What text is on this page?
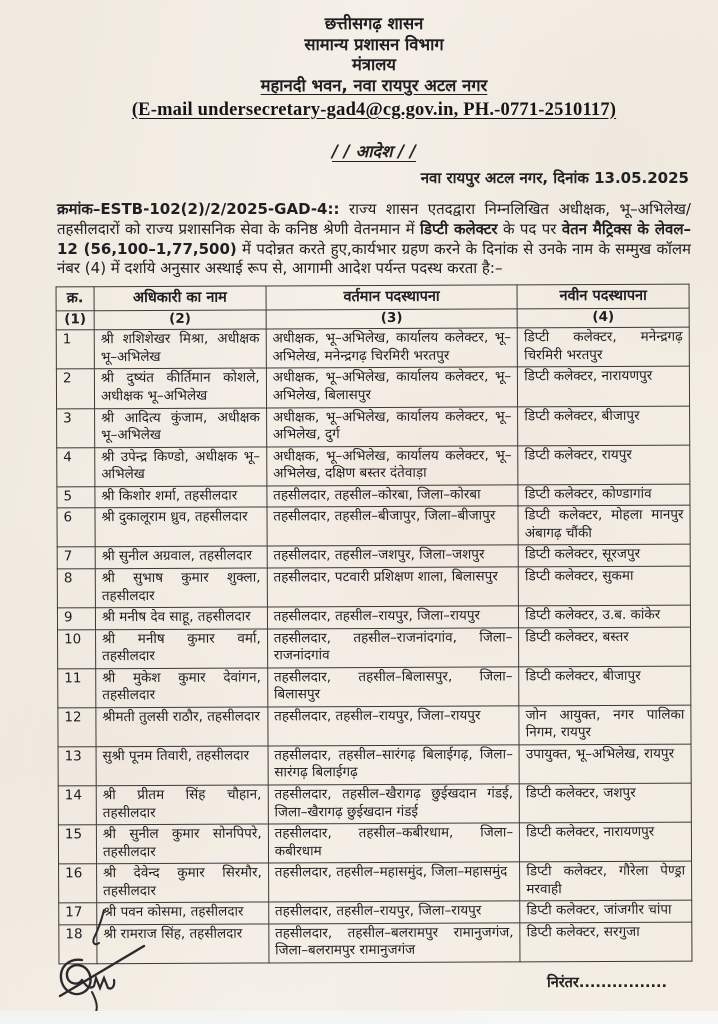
छत्तीसगढ़ शासन
सामान्य प्रशासन विभाग
मंत्रालय
महानदी भवन, नवा रायपुर अटल नगर
(E-mail undersecretary-gad4@cg.gov.in, PH.-0771-2510117)
/ / आदेश / /
नवा रायपुर अटल नगर, दिनांक 13.05.2025
क्रमांक–ESTB-102(2)/2/2025-GAD-4:: राज्य शासन एतदद्वारा निम्नलिखित अधीक्षक, भू–अभिलेख/तहसीलदारों को राज्य प्रशासनिक सेवा के कनिष्ठ श्रेणी वेतनमान में डिप्टी कलेक्टर के पद पर वेतन मैट्रिक्स के लेवल–12 (56,100–1,77,500) में पदोन्नत करते हुए,कार्यभार ग्रहण करने के दिनांक से उनके नाम के सम्मुख कॉलम नंबर (4) में दर्शाये अनुसार अस्थाई रूप से, आगामी आदेश पर्यन्त पदस्थ करता है:–
क्र.	अधिकारी का नाम	वर्तमान पदस्थापना	नवीन पदस्थापना
(1)	(2)	(3)	(4)
1	श्री शशिशेखर मिश्रा, अधीक्षक भू–अभिलेख	अधीक्षक, भू–अभिलेख, कार्यालय कलेक्टर, भू–अभिलेख, मनेन्द्रगढ़ चिरमिरी भरतपुर	डिप्टी कलेक्टर, मनेन्द्रगढ़ चिरमिरी भरतपुर
2	श्री दुष्यंत कीर्तिमान कोशले, अधीक्षक भू–अभिलेख	अधीक्षक, भू–अभिलेख, कार्यालय कलेक्टर, भू–अभिलेख, बिलासपुर	डिप्टी कलेक्टर, नारायणपुर
3	श्री आदित्य कुंजाम, अधीक्षक भू–अभिलेख	अधीक्षक, भू–अभिलेख, कार्यालय कलेक्टर, भू–अभिलेख, दुर्ग	डिप्टी कलेक्टर, बीजापुर
4	श्री उपेन्द्र किण्डो, अधीक्षक भू–अभिलेख	अधीक्षक, भू–अभिलेख, कार्यालय कलेक्टर, भू–अभिलेख, दक्षिण बस्तर दंतेवाड़ा	डिप्टी कलेक्टर, रायपुर
5	श्री किशोर शर्मा, तहसीलदार	तहसीलदार, तहसील–कोरबा, जिला–कोरबा	डिप्टी कलेक्टर, कोण्डागांव
6	श्री दुकालूराम ध्रुव, तहसीलदार	तहसीलदार, तहसील–बीजापुर, जिला–बीजापुर	डिप्टी कलेक्टर, मोहला मानपुर अंबागढ़ चौंकी
7	श्री सुनील अग्रवाल, तहसीलदार	तहसीलदार, तहसील–जशपुर, जिला–जशपुर	डिप्टी कलेक्टर, सूरजपुर
8	श्री सुभाष कुमार शुक्ला, तहसीलदार	तहसीलदार, पटवारी प्रशिक्षण शाला, बिलासपुर	डिप्टी कलेक्टर, सुकमा
9	श्री मनीष देव साहू, तहसीलदार	तहसीलदार, तहसील–रायपुर, जिला–रायपुर	डिप्टी कलेक्टर, उ.ब. कांकेर
10	श्री मनीष कुमार वर्मा, तहसीलदार	तहसीलदार, तहसील–राजनांदगांव, जिला–राजनांदगांव	डिप्टी कलेक्टर, बस्तर
11	श्री मुकेश कुमार देवांगन, तहसीलदार	तहसीलदार, तहसील–बिलासपुर, जिला–बिलासपुर	डिप्टी कलेक्टर, बीजापुर
12	श्रीमती तुलसी राठौर, तहसीलदार	तहसीलदार, तहसील–रायपुर, जिला–रायपुर	जोन आयुक्त, नगर पालिका निगम, रायपुर
13	सुश्री पूनम तिवारी, तहसीलदार	तहसीलदार, तहसील–सारंगढ़ बिलाईगढ़, जिला–सारंगढ़ बिलाईगढ़	उपायुक्त, भू–अभिलेख, रायपुर
14	श्री प्रीतम सिंह चौहान, तहसीलदार	तहसीलदार, तहसील–खैरागढ़ छुईखदान गंडई, जिला–खैरागढ़ छुईखदान गंडई	डिप्टी कलेक्टर, जशपुर
15	श्री सुनील कुमार सोनपिपरे, तहसीलदार	तहसीलदार, तहसील–कबीरधाम, जिला–कबीरधाम	डिप्टी कलेक्टर, नारायणपुर
16	श्री देवेन्द कुमार सिरमौर, तहसीलदार	तहसीलदार, तहसील–महासमुंद, जिला–महासमुंद	डिप्टी कलेक्टर, गौरेला पेण्ड्रा मरवाही
17	श्री पवन कोसमा, तहसीलदार	तहसीलदार, तहसील–रायपुर, जिला–रायपुर	डिप्टी कलेक्टर, जांजगीर चांपा
18	श्री रामराज सिंह, तहसीलदार	तहसीलदार, तहसील–बलरामपुर रामानुजगंज, जिला–बलरामपुर रामानुजगंज	डिप्टी कलेक्टर, सरगुजा
निरंतर................
